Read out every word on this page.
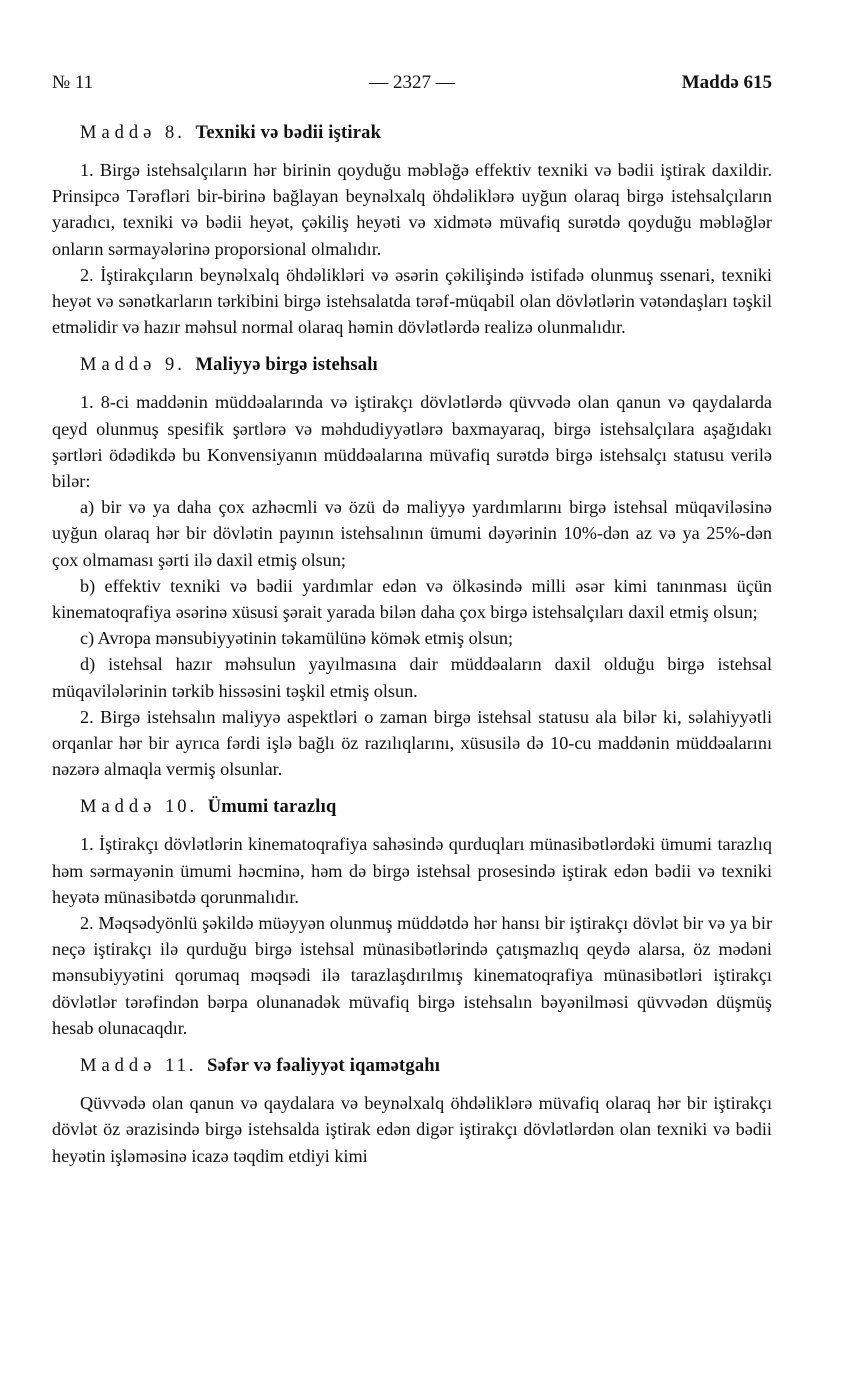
№ 11	— 2327 —	Maddə 615
Maddə 8. Texniki və bədii iştirak

1. Birgə istehsalçıların hər birinin qoyduğu məbləğə effektiv texniki və bədii iştirak daxildir. Prinsipcə Tərəfləri bir-birinə bağlayan beynəlxalq öhdəliklərə uyğun olaraq birgə istehsalçıların yaradıcı, texniki və bədii heyət, çəkiliş heyəti və xidmətə müvafiq surətdə qoyduğu məbləğlər onların sərmayələrinə proporsional olmalıdır.

2. İştirakçıların beynəlxalq öhdəlikləri və əsərin çəkilişində istifadə olunmuş ssenari, texniki heyət və sənətkarların tərkibini birgə istehsalatda tərəf-müqabil olan dövlətlərin vətəndaşları təşkil etməlidir və hazır məhsul normal olaraq həmin dövlətlərdə realizə olunmalıdır.

Maddə 9. Maliyyə birgə istehsalı

1. 8-ci maddənin müddəalarında və iştirakçı dövlətlərdə qüvvədə olan qanun və qaydalarda qeyd olunmuş spesifik şərtlərə və məhdudiyyətlərə baxmayaraq, birgə istehsalçılara aşağıdakı şərtləri ödədikdə bu Konvensiyanın müddəalarına müvafiq surətdə birgə istehsalçı statusu verilə bilər:

a) bir və ya daha çox azhəcmli və özü də maliyyə yardımlarını birgə istehsal müqaviləsinə uyğun olaraq hər bir dövlətin payının istehsalının ümumi dəyərinin 10%-dən az və ya 25%-dən çox olmaması şərti ilə daxil etmiş olsun;

b) effektiv texniki və bədii yardımlar edən və ölkəsində milli əsər kimi tanınması üçün kinematoqrafiya əsərinə xüsusi şərait yarada bilən daha çox birgə istehsalçıları daxil etmiş olsun;

c) Avropa mənsubiyyətinin təkamülünə kömək etmiş olsun;

d) istehsal hazır məhsulun yayılmasına dair müddəaların daxil olduğu birgə istehsal müqavilələrinin tərkib hissəsini təşkil etmiş olsun.

2. Birgə istehsalın maliyyə aspektləri o zaman birgə istehsal statusu ala bilər ki, səlahiyyətli orqanlar hər bir ayrıca fərdi işlə bağlı öz razılıqlarını, xüsusilə də 10-cu maddənin müddəalarını nəzərə almaqla vermiş olsunlar.

Maddə 10. Ümumi tarazlıq

1. İştirakçı dövlətlərin kinematoqrafiya sahəsində qurduqları münasibətlərdəki ümumi tarazlıq həm sərmayənin ümumi həcminə, həm də birgə istehsal prosesində iştirak edən bədii və texniki heyətə münasibətdə qorunmalıdır.

2. Məqsədyönlü şəkildə müəyyən olunmuş müddətdə hər hansı bir iştirakçı dövlət bir və ya bir neçə iştirakçı ilə qurduğu birgə istehsal münasibətlərində çatışmazlıq qeydə alarsa, öz mədəni mənsubiyyətini qorumaq məqsədi ilə tarazlaşdırılmış kinematoqrafiya münasibətləri iştirakçı dövlətlər tərəfindən bərpa olunanadək müvafiq birgə istehsalın bəyənilməsi qüvvədən düşmüş hesab olunacaqdır.

Maddə 11. Səfər və fəaliyyət iqamətgahı

Qüvvədə olan qanun və qaydalara və beynəlxalq öhdəliklərə müvafiq olaraq hər bir iştirakçı dövlət öz ərazisində birgə istehsalda iştirak edən digər iştirakçı dövlətlərdən olan texniki və bədii heyətin işləməsinə icazə təqdim etdiyi kimi
